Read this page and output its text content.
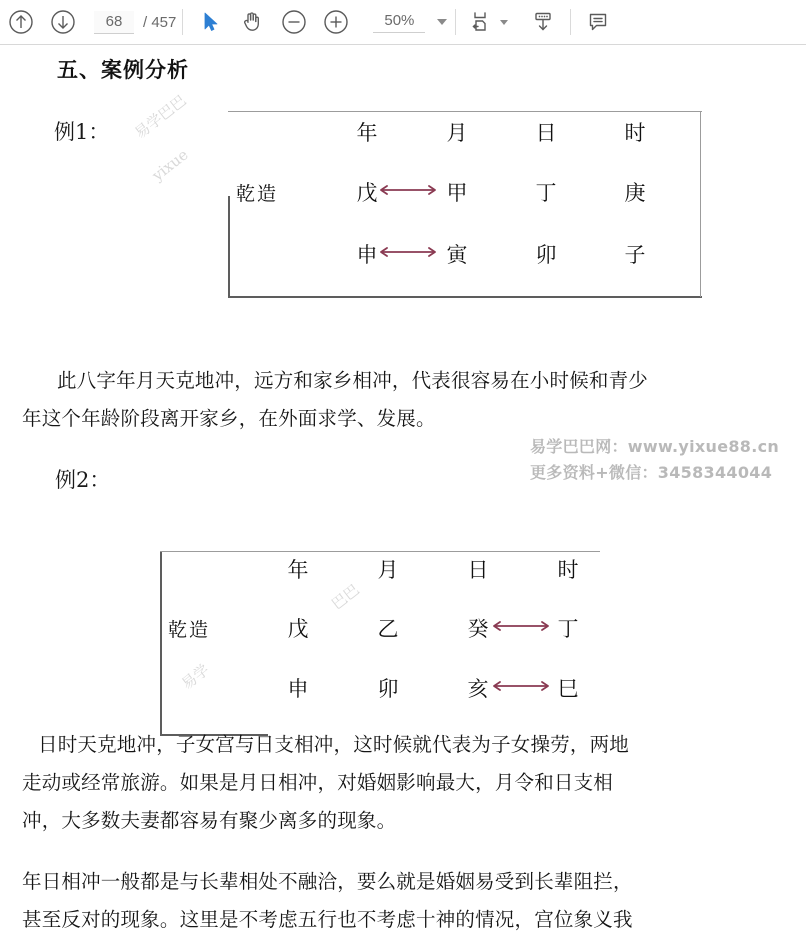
68
/ 457	50%
易学巴巴
yixue
易学
巴巴
五、案例分析
例1：
乾造
年	月	日	时
戊	甲	丁	庚
申	寅	卯	子
此八字年月天克地冲，远方和家乡相冲，代表很容易在小时候和青少
年这个年龄阶段离开家乡，在外面求学、发展。
易学巴巴网：www.yixue88.cn
更多资料+微信：3458344044
例2：
乾造
年	月	日	时
戊	乙	癸	丁
申	卯	亥	巳
日时天克地冲，子女宫与日支相冲，这时候就代表为子女操劳，两地
走动或经常旅游。如果是月日相冲，对婚姻影响最大，月令和日支相
冲，大多数夫妻都容易有聚少离多的现象。
年日相冲一般都是与长辈相处不融洽，要么就是婚姻易受到长辈阻拦，
甚至反对的现象。这里是不考虑五行也不考虑十神的情况，宫位象义我
